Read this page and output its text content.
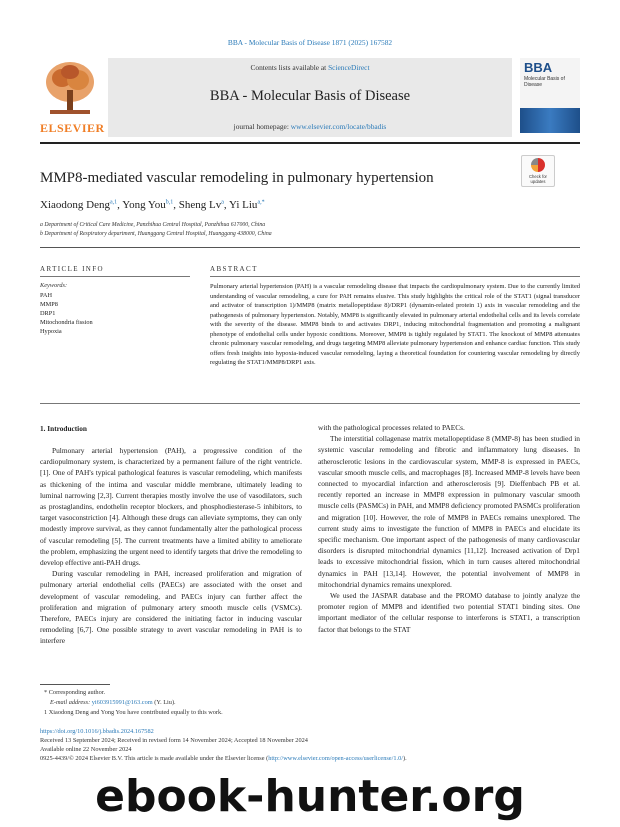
BBA - Molecular Basis of Disease 1871 (2025) 167582
ELSEVIER
Contents lists available at ScienceDirect
BBA - Molecular Basis of Disease
journal homepage: www.elsevier.com/locate/bbadis
BBA
Molecular Basis of Disease
MMP8-mediated vascular remodeling in pulmonary hypertension	Check for updates
Xiaodong Deng$^{a,1}$, Yong You$^{b,1}$, Sheng Lv$^a$, Yi Liu$^{a,*}$
a Department of Critical Care Medicine, Panzhihua Central Hospital, Panzhihua 617000, China
b Department of Respiratory department, Huanggang Central Hospital, Huanggang 438000, China
ARTICLE INFO	ABSTRACT
Keywords:
PAH
MMP8
DRP1
Mitochondria fission
Hypoxia
Pulmonary arterial hypertension (PAH) is a vascular remodeling disease that impacts the cardiopulmonary system. Due to the currently limited understanding of vascular remodeling, a cure for PAH remains elusive. This study highlights the critical role of the STAT1 (signal transducer and activator of transcription 1)/MMP8 (matrix metallopeptidase 8)/DRP1 (dynamin-related protein 1) axis in vascular remodeling and the pathogenesis of pulmonary hypertension. Notably, MMP8 is significantly elevated in pulmonary arterial endothelial cells and its levels correlate with the severity of the disease. MMP8 binds to and activates DRP1, inducing mitochondrial fragmentation and promoting a malignant phenotype of endothelial cells under hypoxic conditions. Moreover, MMP8 is tightly regulated by STAT1. The knockout of MMP8 attenuates chronic pulmonary vascular remodeling, and drugs targeting MMP8 alleviate pulmonary hypertension and enhance cardiac function. This study offers fresh insights into hypoxia-induced vascular remodeling, laying a theoretical foundation for countering vascular remodeling by directly regulating the STAT1/MMP8/DRP1 axis.
1. Introduction

Pulmonary arterial hypertension (PAH), a progressive condition of the cardiopulmonary system, is characterized by a permanent failure of the right ventricle. [1]. One of PAH's typical pathological features is vascular remodeling, which manifests as thickening of the intima and vascular middle membrane, ultimately leading to luminal narrowing [2,3]. Current therapies mostly involve the use of vasodilators, such as prostaglandins, endothelin receptor blockers, and phosphodiesterase-5 inhibitors, to target vasoconstriction [4]. Although these drugs can alleviate symptoms, they can only modestly improve survival, as they cannot fundamentally alter the pathological process of vascular remodeling [5]. The current treatments have a limited ability to ameliorate the problem, emphasizing the urgent need to identify targets that drive the remodeling to develop effective anti-PAH drugs.

During vascular remodeling in PAH, increased proliferation and migration of pulmonary arterial endothelial cells (PAECs) are associated with the onset and development of vascular remodeling, and PAECs injury can further affect the proliferation and migration of pulmonary artery smooth muscle cells (VSMCs). Therefore, PAECs injury are considered the initiating factor in inducing vascular remodeling [6,7]. One possible strategy to avert vascular remodeling in PAH is to interfere

with the pathological processes related to PAECs.

The interstitial collagenase matrix metallopeptidase 8 (MMP-8) has been studied in systemic vascular remodeling and fibrotic and inflammatory lung diseases. In atherosclerotic lesions in the cardiovascular system, MMP-8 is expressed in PAECs, vascular smooth muscle cells, and macrophages [8]. Increased MMP-8 levels have been connected to myocardial infarction and atherosclerosis [9]. Dieffenbach PB et al. recently reported an increase in MMP8 expression in pulmonary vascular smooth muscle cells (PASMCs) in PAH, and MMP8 deficiency promoted PASMCs proliferation and migration [10]. However, the role of MMP8 in PAECs remains unexplored. The current study aims to investigate the function of MMP8 in PAECs and elucidate its specific mechanism. One important aspect of the pathogenesis of many cardiovascular disorders is disrupted mitochondrial dynamics [11,12]. Increased activation of Drp1 leads to excessive mitochondrial fission, which in turn causes altered mitochondrial dynamics in PAH [13,14]. However, the potential involvement of MMP8 in mitochondrial dynamics remains unexplored.

We used the JASPAR database and the PROMO database to jointly analyze the promoter region of MMP8 and identified two potential STAT1 binding sites. One important mediator of the cellular response to interferons is STAT1, a transcription factor that belongs to the STAT

* Corresponding author.
E-mail address: yi603915991@163.com (Y. Liu).
1 Xiaodong Deng and Yong You have contributed equally to this work.
https://doi.org/10.1016/j.bbadis.2024.167582
Received 13 September 2024; Received in revised form 14 November 2024; Accepted 18 November 2024
Available online 22 November 2024
0925-4439/© 2024 Elsevier B.V. This article is made available under the Elsevier license (http://www.elsevier.com/open-access/userlicense/1.0/).
ebook-hunter.org
